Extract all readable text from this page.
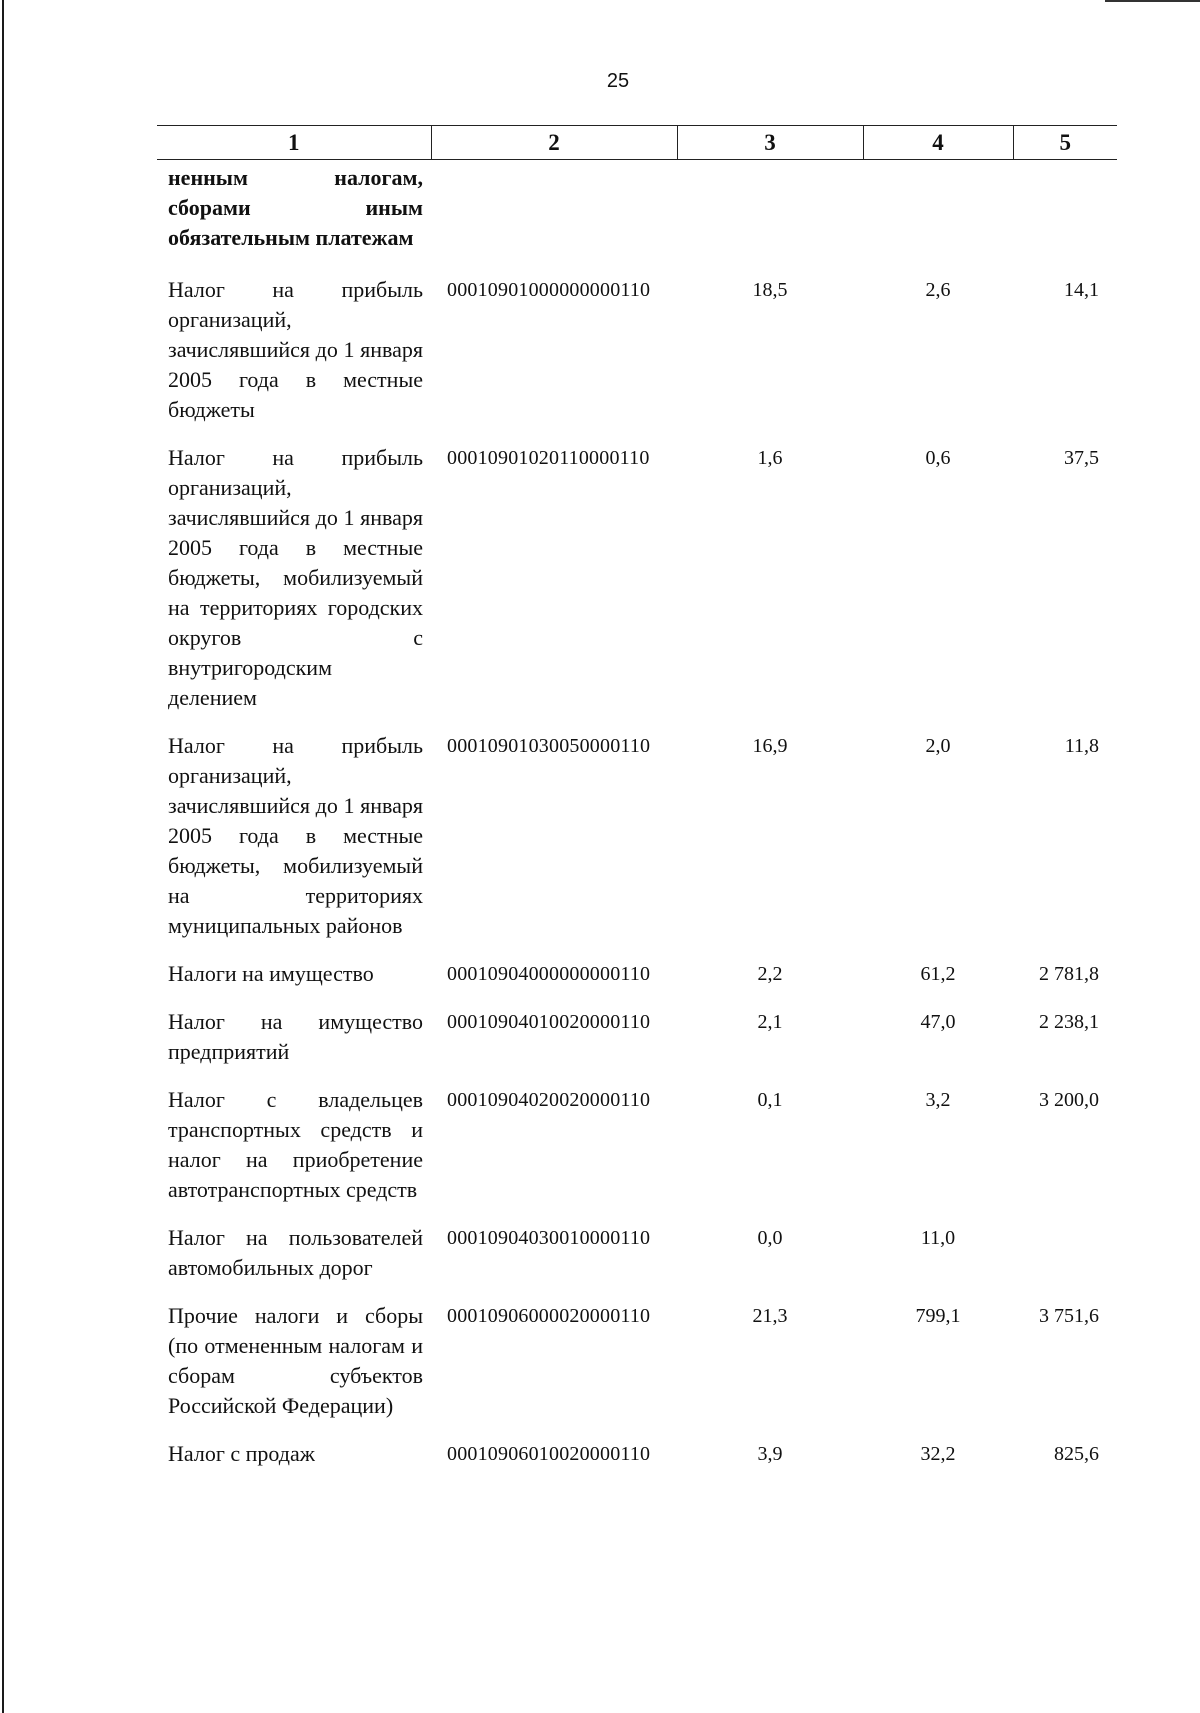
25
1	2	3	4	5
ненным налогам, сборами иным обязательным платежам				
Налог на прибыль организаций, зачислявшийся до 1 января 2005 года в местные бюджеты	00010901000000000110	18,5	2,6	14,1
Налог на прибыль организаций, зачислявшийся до 1 января 2005 года в местные бюджеты, мобилизуемый на территориях городских округов с внутригородским делением	00010901020110000110	1,6	0,6	37,5
Налог на прибыль организаций, зачислявшийся до 1 января 2005 года в местные бюджеты, мобилизуемый на территориях муниципальных районов	00010901030050000110	16,9	2,0	11,8
Налоги на имущество	00010904000000000110	2,2	61,2	2 781,8
Налог на имущество предприятий	00010904010020000110	2,1	47,0	2 238,1
Налог с владельцев транспортных средств и налог на приобретение автотранспортных средств	00010904020020000110	0,1	3,2	3 200,0
Налог на пользователей автомобильных дорог	00010904030010000110	0,0	11,0	
Прочие налоги и сборы (по отмененным налогам и сборам субъектов Российской Федерации)	00010906000020000110	21,3	799,1	3 751,6
Налог с продаж	00010906010020000110	3,9	32,2	825,6
